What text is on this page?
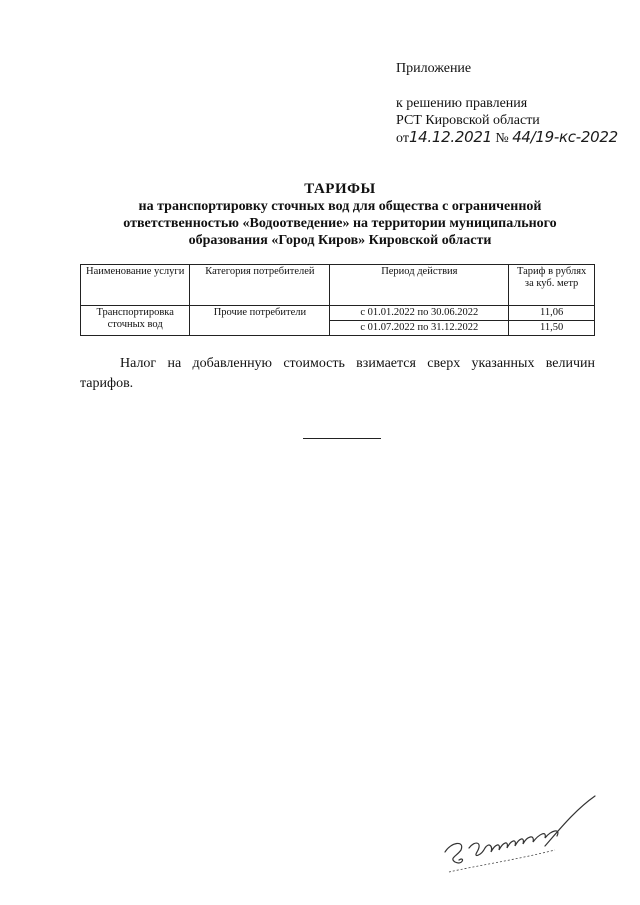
Приложение
к решению правления
РСТ Кировской области
от14.12.2021 № 44/19-кс-2022
ТАРИФЫ
на транспортировку сточных вод для общества с ограниченной
ответственностью «Водоотведение» на территории муниципального
образования «Город Киров» Кировской области
Наименование услуги	Категория потребителей	Период действия	Тариф в рублях за куб. метр
Транспортировка сточных вод	Прочие потребители	с 01.01.2022 по 30.06.2022	11,06
		с 01.07.2022 по 31.12.2022	11,50
Налог на добавленную стоимость взимается сверх указанных величин тарифов.
